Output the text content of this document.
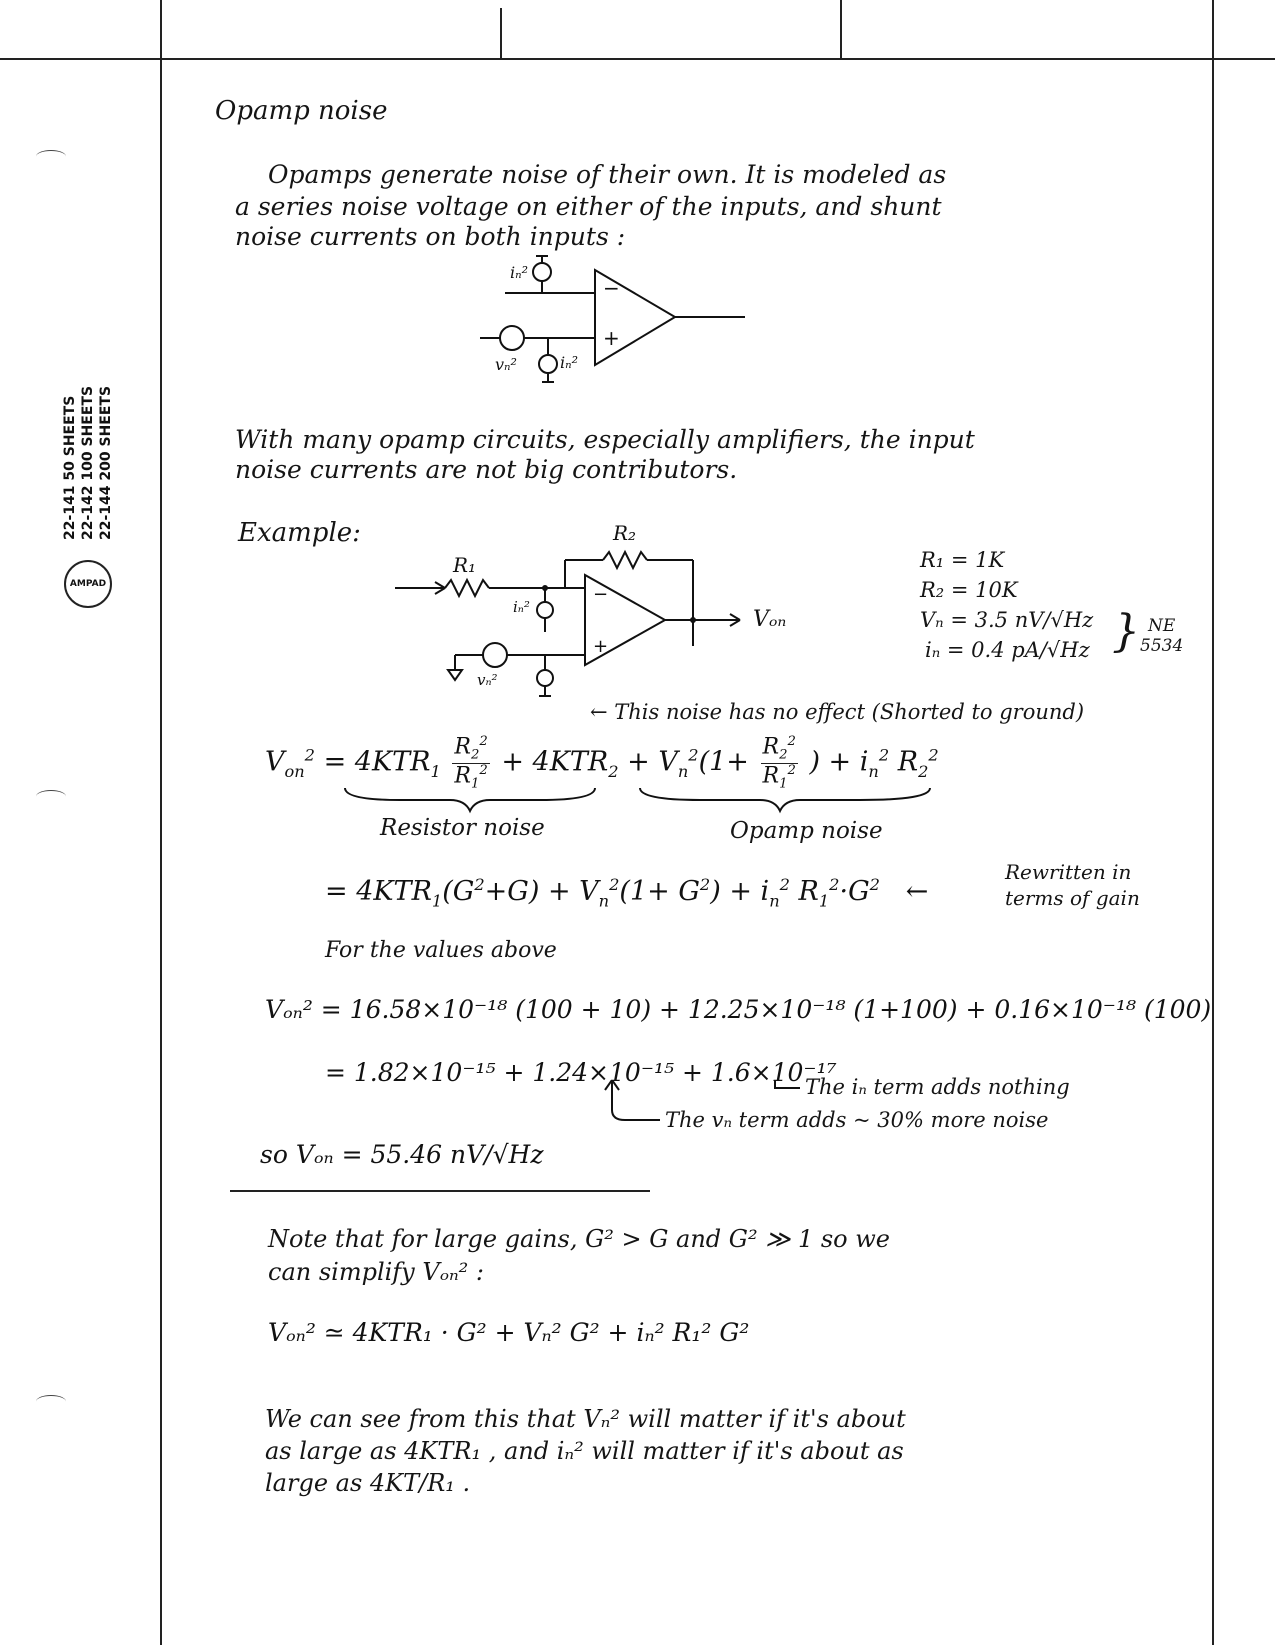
22-141 50 SHEETS 22-142 100 SHEETS 22-144 200 SHEETS
AMPAD
Opamp noise
Opamps generate noise of their own. It is modeled as
a series noise voltage on either of the inputs, and shunt
noise currents on both inputs :
−
+
iₙ²
iₙ²
vₙ²
With many opamp circuits, especially amplifiers, the input
noise currents are not big contributors.
Example:
R₁
R₂
−
+
Vₒₙ
iₙ²
vₙ²
← This noise has no effect (Shorted to ground)
R₁ = 1K
R₂ = 10K
Vₙ = 3.5 nV/√Hz
iₙ = 0.4 pA/√Hz } NE
5534
$V_{on}^2 = 4KTR_1 \frac{R_2^2}{R_1^2} + 4KTR_2 + V_n^2(1+ \frac{R_2^2}{R_1^2}$ ) + $i_n^2$ $R_2^2$
Resistor noise	Opamp noise
= $4KTR_1(G^2+G) + V_n^2(1+ G^2) + i_n^2$ $R_1^2\cdot G^2$   ←
Rewritten in
terms of gain
For the values above
Vₒₙ² = 16.58×10⁻¹⁸ (100 + 10) + 12.25×10⁻¹⁸ (1+100) + 0.16×10⁻¹⁸ (100)
= 1.82×10⁻¹⁵ + 1.24×10⁻¹⁵ + 1.6×10⁻¹⁷
The iₙ term adds nothing
The vₙ term adds ~ 30% more noise
so Vₒₙ = 55.46 nV/√Hz
Note that for large gains, G² > G and G² ≫ 1 so we
can simplify Vₒₙ² :
Vₒₙ² ≃ 4KTR₁ · G² + Vₙ² G² + iₙ² R₁² G²
We can see from this that Vₙ² will matter if it's about
as large as 4KTR₁ , and iₙ² will matter if it's about as
large as 4KT/R₁ .
